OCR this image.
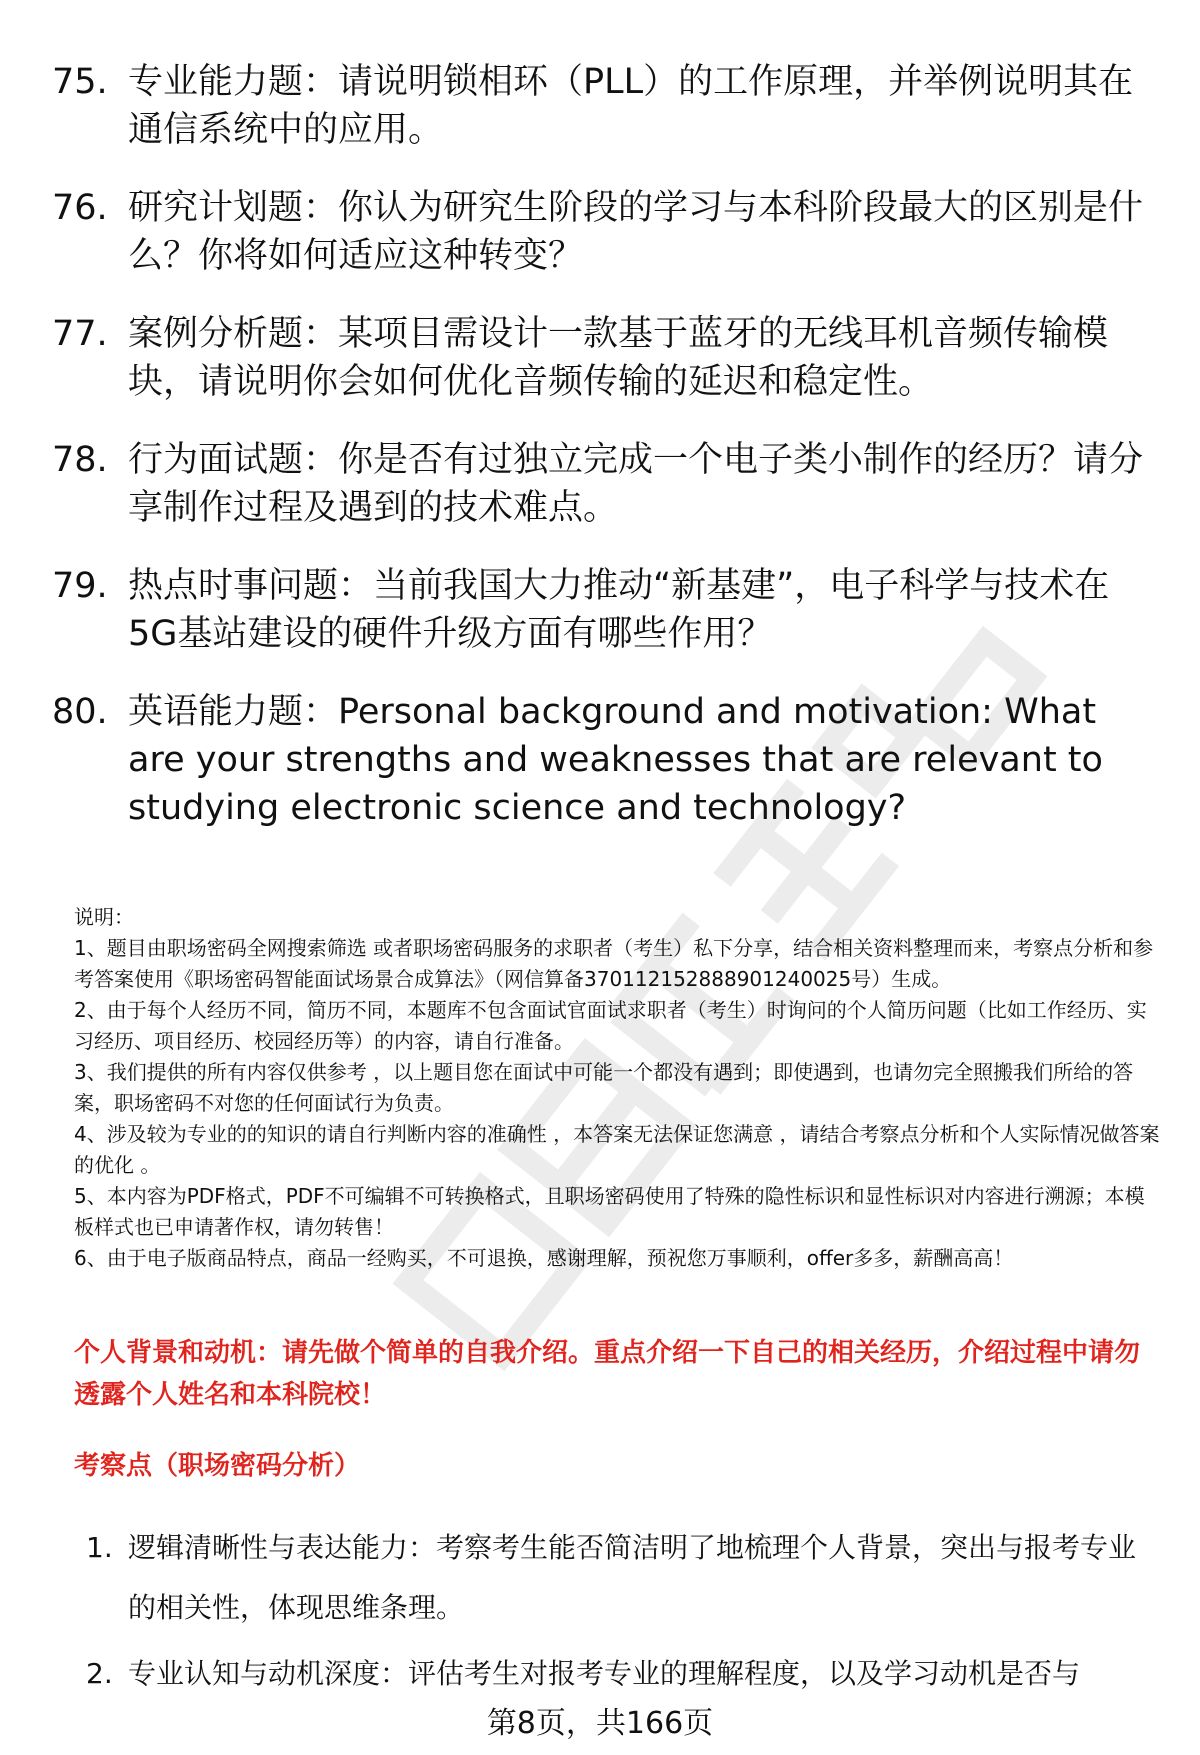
75. 专业能力题：请说明锁相环（PLL）的工作原理，并举例说明其在通信系统中的应用。
76. 研究计划题：你认为研究生阶段的学习与本科阶段最大的区别是什么？你将如何适应这种转变？
77. 案例分析题：某项目需设计一款基于蓝牙的无线耳机音频传输模块，请说明你会如何优化音频传输的延迟和稳定性。
78. 行为面试题：你是否有过独立完成一个电子类小制作的经历？请分享制作过程及遇到的技术难点。
79. 热点时事问题：当前我国大力推动“新基建”，电子科学与技术在5G基站建设的硬件升级方面有哪些作用？
80. 英语能力题：Personal background and motivation: What are your strengths and weaknesses that are relevant to studying electronic science and technology?

说明：

1、题目由职场密码全网搜索筛选 或者职场密码服务的求职者（考生）私下分享，结合相关资料整理而来，考察点分析和参考答案使用《职场密码智能面试场景合成算法》（网信算备370112152888901240025号）生成。

2、由于每个人经历不同，简历不同，本题库不包含面试官面试求职者（考生）时询问的个人简历问题（比如工作经历、实习经历、项目经历、校园经历等）的内容，请自行准备。

3、我们提供的所有内容仅供参考 ，以上题目您在面试中可能一个都没有遇到；即使遇到，也请勿完全照搬我们所给的答案，职场密码不对您的任何面试行为负责。

4、涉及较为专业的的知识的请自行判断内容的准确性 ，本答案无法保证您满意 ，请结合考察点分析和个人实际情况做答案的优化 。

5、本内容为PDF格式，PDF不可编辑不可转换格式，且职场密码使用了特殊的隐性标识和显性标识对内容进行溯源；本模板样式也已申请著作权，请勿转售！

6、由于电子版商品特点，商品一经购买，不可退换，感谢理解，预祝您万事顺利，offer多多，薪酬高高！

个人背景和动机：请先做个简单的自我介绍。重点介绍一下自己的相关经历，介绍过程中请勿透露个人姓名和本科院校！
考察点（职场密码分析）
1. 逻辑清晰性与表达能力：考察考生能否简洁明了地梳理个人背景，突出与报考专业的相关性，体现思维条理。
2. 专业认知与动机深度：评估考生对报考专业的理解程度，以及学习动机是否与
第8页，共166页
